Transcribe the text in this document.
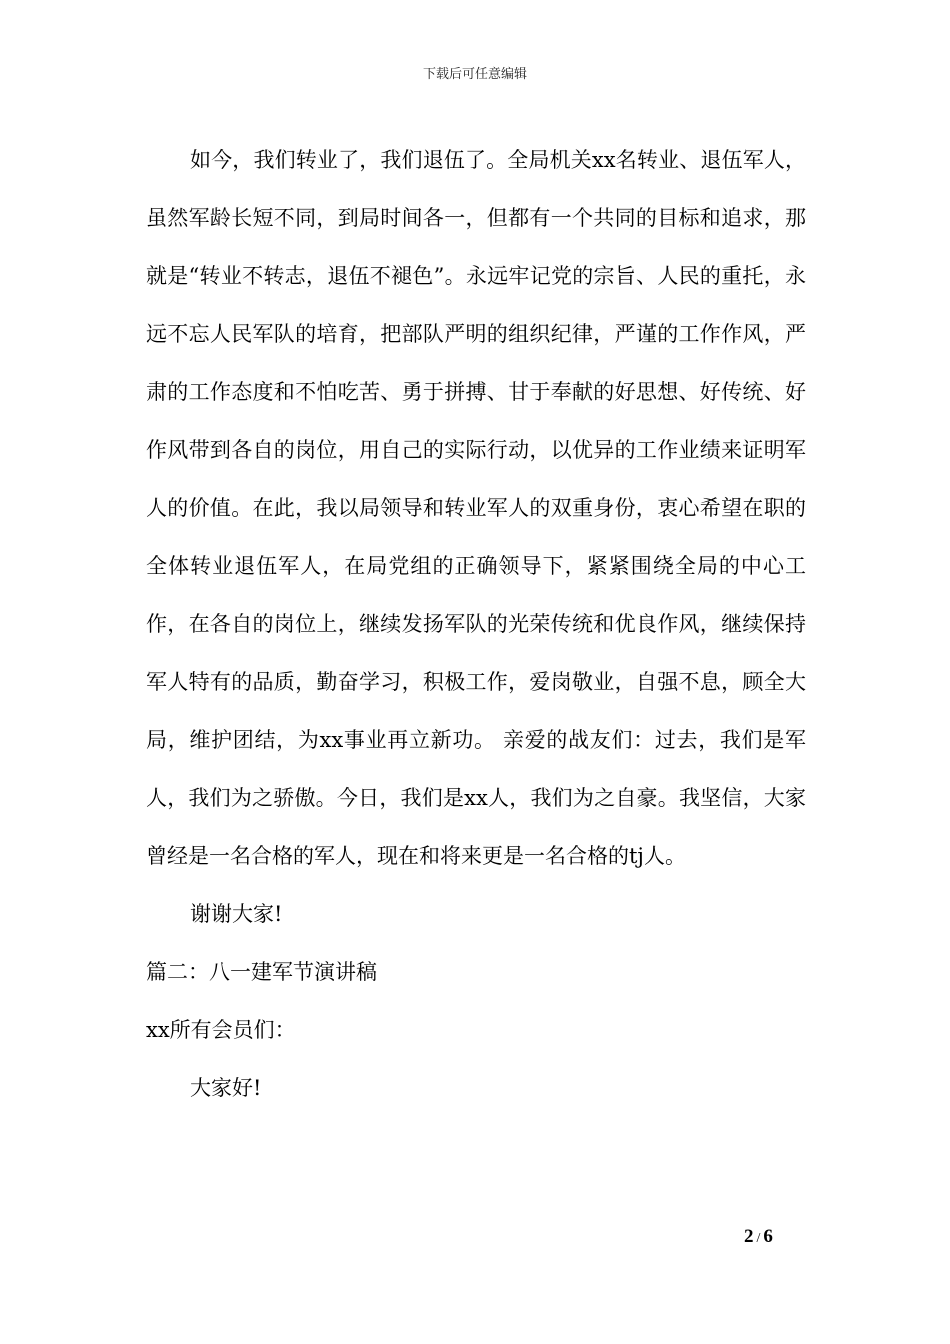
下载后可任意编辑

如今，我们转业了，我们退伍了。全局机关xx名转业、退伍军人，虽然军龄长短不同，到局时间各一，但都有一个共同的目标和追求，那就是“转业不转志，退伍不褪色”。永远牢记党的宗旨、人民的重托，永远不忘人民军队的培育，把部队严明的组织纪律，严谨的工作作风，严肃的工作态度和不怕吃苦、勇于拼搏、甘于奉献的好思想、好传统、好作风带到各自的岗位，用自己的实际行动，以优异的工作业绩来证明军人的价值。在此，我以局领导和转业军人的双重身份，衷心希望在职的全体转业退伍军人，在局党组的正确领导下，紧紧围绕全局的中心工作，在各自的岗位上，继续发扬军队的光荣传统和优良作风，继续保持军人特有的品质，勤奋学习，积极工作，爱岗敬业，自强不息，顾全大局，维护团结，为xx事业再立新功。 亲爱的战友们：过去，我们是军人，我们为之骄傲。今日，我们是xx人，我们为之自豪。我坚信，大家曾经是一名合格的军人，现在和将来更是一名合格的tj人。

谢谢大家!

篇二：八一建军节演讲稿

xx所有会员们：

大家好!

2 / 6
